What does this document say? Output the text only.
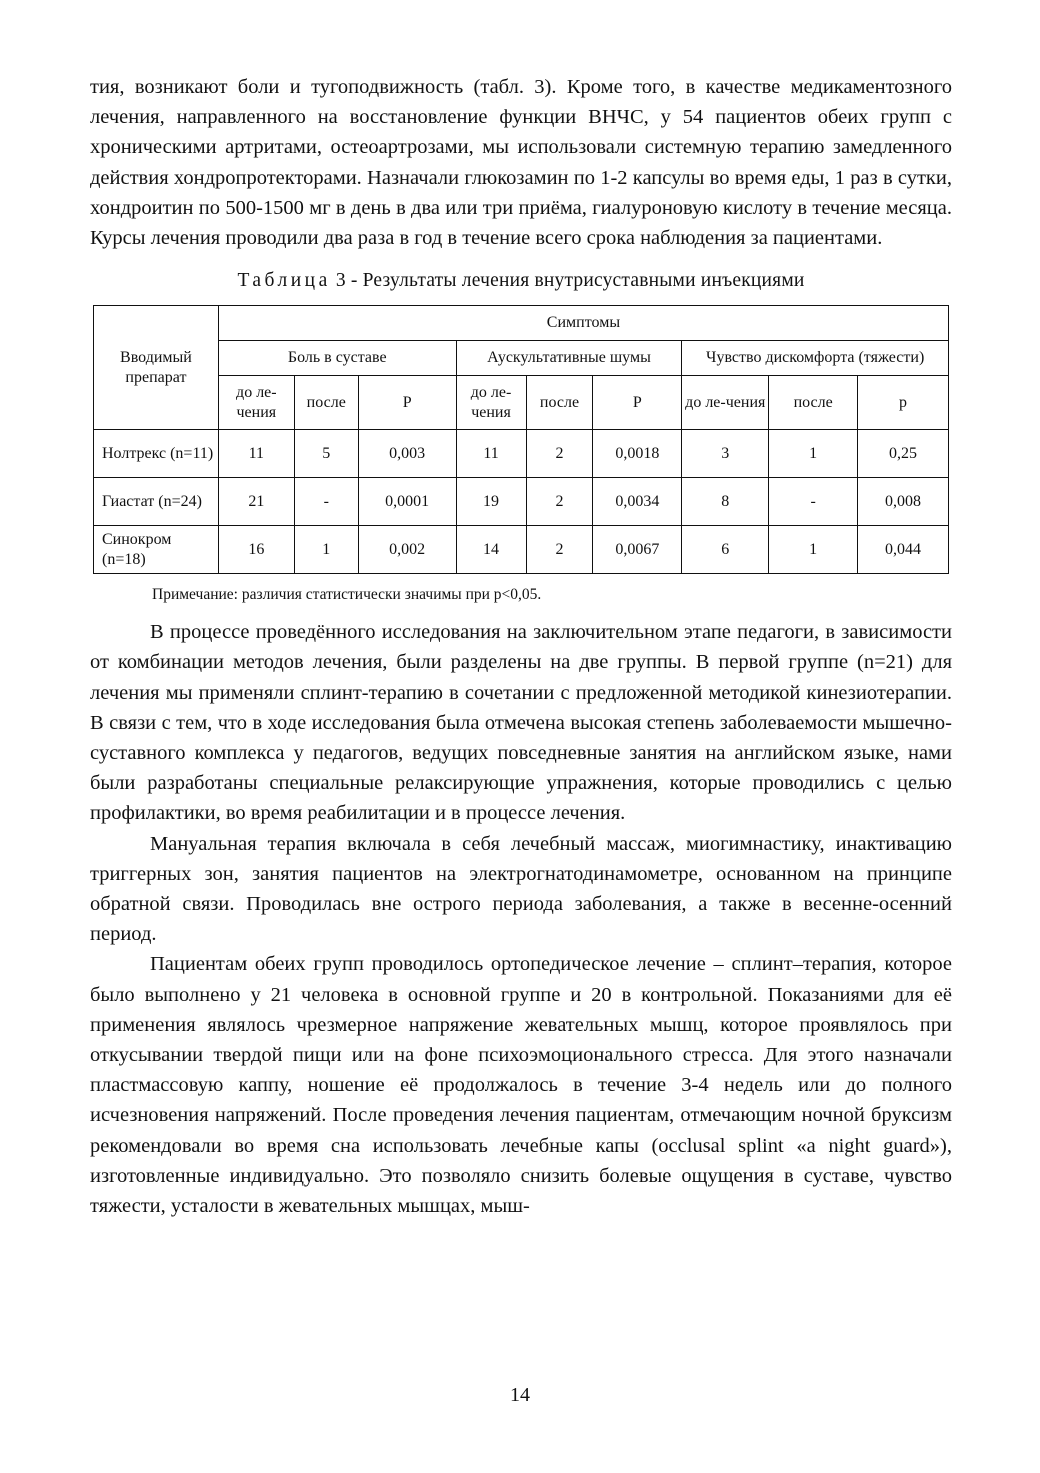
тия, возникают боли и тугоподвижность (табл. 3). Кроме того, в качестве медикаментозного лечения, направленного на восстановление функции ВНЧС, у 54 пациентов обеих групп с хроническими артритами, остеоартрозами, мы использовали системную терапию замедленного действия хондропротекторами. Назначали глюкозамин по 1-2 капсулы во время еды, 1 раз в сутки, хондроитин по 500-1500 мг в день в два или три приёма, гиалуроновую кислоту в течение месяца. Курсы лечения проводили два раза в год в течение всего срока наблюдения за пациентами.

Таблица 3 - Результаты лечения внутрисуставными инъекциями
Вводимый препарат	Симптомы								
	Боль в суставе			Аускультативные шумы			Чувство дискомфорта (тяжести)		
	до ле-чения	после	P	до ле-чения	после	P	до ле-чения	после	p
Нолтрекс (n=11)	11	5	0,003	11	2	0,0018	3	1	0,25
Гиастат (n=24)	21	-	0,0001	19	2	0,0034	8	-	0,008
Синокром (n=18)	16	1	0,002	14	2	0,0067	6	1	0,044
Примечание: различия статистически значимы при p<0,05.

В процессе проведённого исследования на заключительном этапе педагоги, в зависимости от комбинации методов лечения, были разделены на две группы. В первой группе (n=21) для лечения мы применяли сплинт-терапию в сочетании с предложенной методикой кинезиотерапии. В связи с тем, что в ходе исследования была отмечена высокая степень заболеваемости мышечно-суставного комплекса у педагогов, ведущих повседневные занятия на английском языке, нами были разработаны специальные релаксирующие упражнения, которые проводились с целью профилактики, во время реабилитации и в процессе лечения.

Мануальная терапия включала в себя лечебный массаж, миогимнастику, инактивацию триггерных зон, занятия пациентов на электрогнатодинамометре, основанном на принципе обратной связи. Проводилась вне острого периода заболевания, а также в весенне-осенний период.

Пациентам обеих групп проводилось ортопедическое лечение – сплинт–терапия, которое было выполнено у 21 человека в основной группе и 20 в контрольной. Показаниями для её применения являлось чрезмерное напряжение жевательных мышц, которое проявлялось при откусывании твердой пищи или на фоне психоэмоционального стресса. Для этого назначали пластмассовую каппу, ношение её продолжалось в течение 3-4 недель или до полного исчезновения напряжений. После проведения лечения пациентам, отмечающим ночной бруксизм рекомендовали во время сна использовать лечебные капы (occlusal splint «a night guard»), изготовленные индивидуально. Это позволяло снизить болевые ощущения в суставе, чувство тяжести, усталости в жевательных мышцах, мыш-

14
